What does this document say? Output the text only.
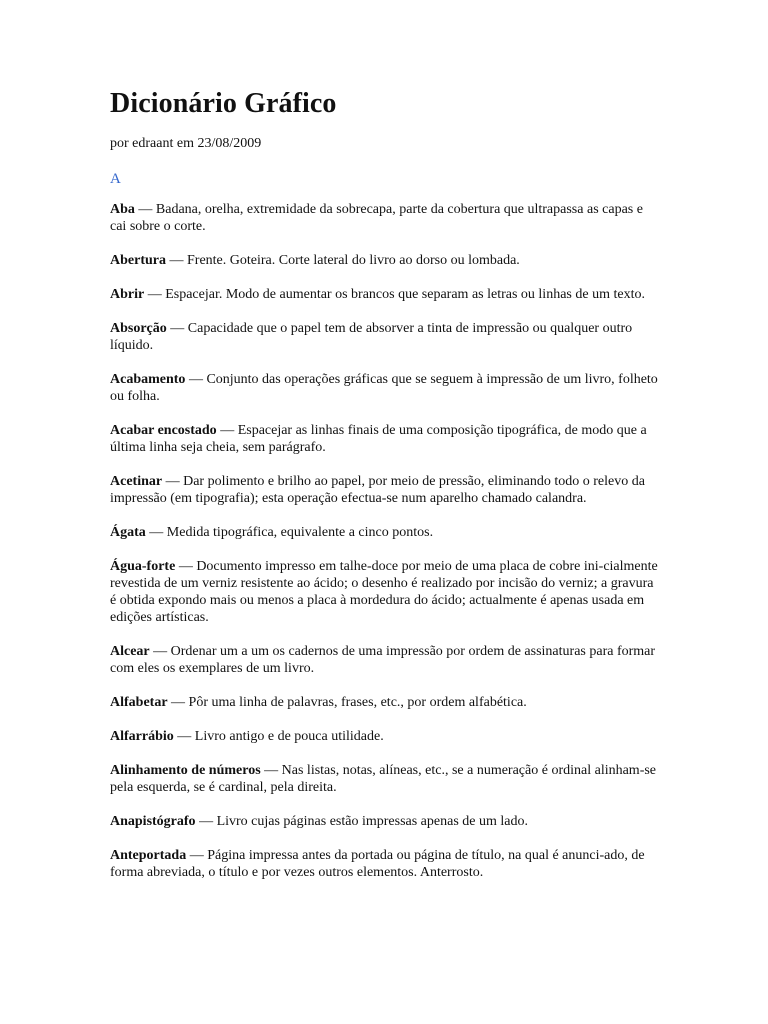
Dicionário Gráfico

por edraant em 23/08/2009

A

Aba — Badana, orelha, extremidade da sobrecapa, parte da cobertura que ultrapassa as capas e cai sobre o corte.

Abertura — Frente. Goteira. Corte lateral do livro ao dorso ou lombada.

Abrir — Espacejar. Modo de aumentar os brancos que separam as letras ou linhas de um texto.

Absorção — Capacidade que o papel tem de absorver a tinta de impressão ou qualquer outro líquido.

Acabamento — Conjunto das operações gráficas que se seguem à impressão de um livro, folheto ou folha.

Acabar encostado — Espacejar as linhas finais de uma composição tipográfica, de modo que a última linha seja cheia, sem parágrafo.

Acetinar — Dar polimento e brilho ao papel, por meio de pressão, eliminando todo o relevo da impressão (em tipografia); esta operação efectua-se num aparelho chamado calandra.

Ágata — Medida tipográfica, equivalente a cinco pontos.

Água-forte — Documento impresso em talhe-doce por meio de uma placa de cobre ini-cialmente revestida de um verniz resistente ao ácido; o desenho é realizado por incisão do verniz; a gravura é obtida expondo mais ou menos a placa à mordedura do ácido; actualmente é apenas usada em edições artísticas.

Alcear — Ordenar um a um os cadernos de uma impressão por ordem de assinaturas para formar com eles os exemplares de um livro.

Alfabetar — Pôr uma linha de palavras, frases, etc., por ordem alfabética.

Alfarrábio — Livro antigo e de pouca utilidade.

Alinhamento de números — Nas listas, notas, alíneas, etc., se a numeração é ordinal alinham-se pela esquerda, se é cardinal, pela direita.

Anapistógrafo — Livro cujas páginas estão impressas apenas de um lado.

Anteportada — Página impressa antes da portada ou página de título, na qual é anunci-ado, de forma abreviada, o título e por vezes outros elementos. Anterrosto.
